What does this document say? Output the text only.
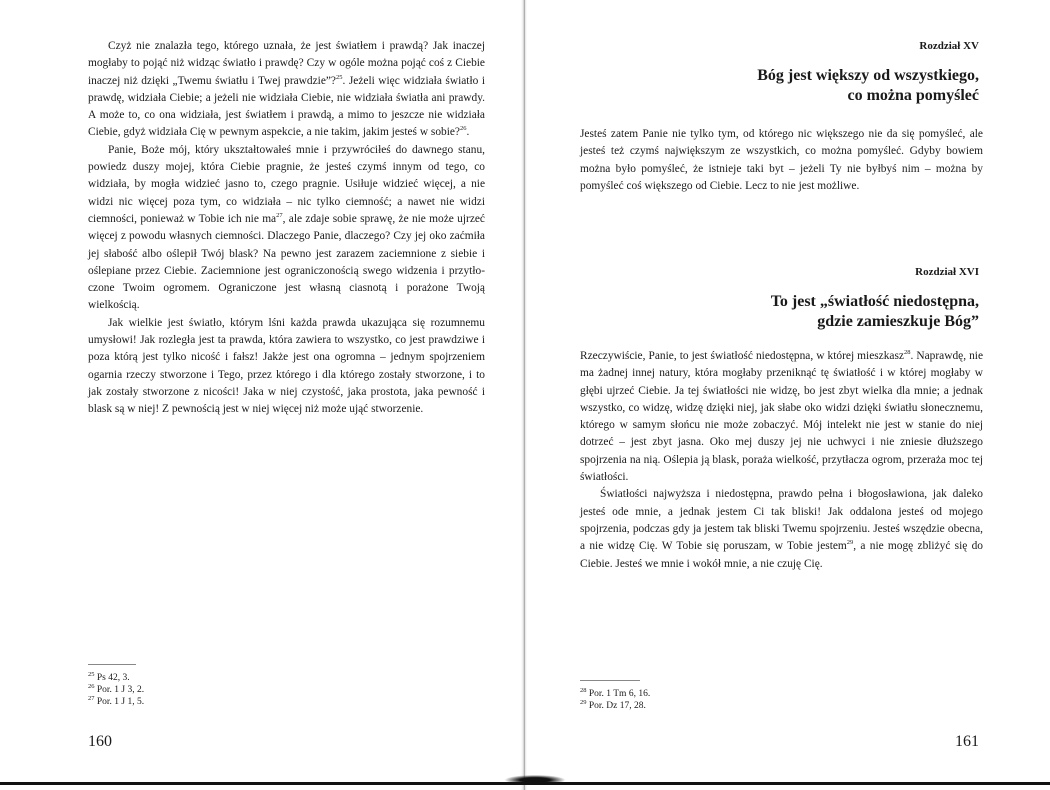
Czyż nie znalazła tego, którego uznała, że jest światłem i prawdą? Jak inaczej mogłaby to pojąć niż widząc światło i prawdę? Czy w ogóle można pojąć coś z Ciebie inaczej niż dzięki „Twemu światłu i Twej prawdzie”?$^{25}$. Jeżeli więc widziała światło i prawdę, widziała Ciebie; a jeżeli nie widziała Ciebie, nie widziała światła ani prawdy. A może to, co ona widziała, jest światłem i prawdą, a mimo to jeszcze nie widziała Ciebie, gdyż widziała Cię w pewnym aspekcie, a nie takim, jakim jesteś w sobie?$^{26}$.

Panie, Boże mój, który ukształtowałeś mnie i przywróciłeś do dawnego stanu, powiedz duszy mojej, która Ciebie pragnie, że jesteś czymś innym od tego, co widziała, by mogła widzieć jasno to, czego pragnie. Usiłuje widzieć więcej, a nie widzi nic więcej poza tym, co widziała – nic tylko ciemność; a nawet nie widzi ciemności, ponieważ w Tobie ich nie $ma^{27}$, ale zdaje sobie sprawę, że nie może ujrzeć więcej z powodu własnych ciemności. Dlaczego Panie, dlaczego? Czy jej oko zaćmiła jej słabość albo oślepił Twój blask? Na pewno jest zarazem zaciemnione z siebie i oślepiane przez Ciebie. Zaciemnione jest ograniczonością swego widzenia i przytłoczone Twoim ogromem. Ograniczone jest własną ciasnotą i porażone Twoją wielkością.

Jak wielkie jest światło, którym lśni każda prawda ukazująca się rozumnemu umysłowi! Jak rozległa jest ta prawda, która zawiera to wszystko, co jest prawdziwe i poza którą jest tylko nicość i fałsz! Jakże jest ona ogromna – jednym spojrzeniem ogarnia rzeczy stworzone i Tego, przez którego i dla którego zostały stworzone, i to jak zostały stworzone z nicości! Jaka w niej czystość, jaka prostota, jaka pewność i blask są w niej! Z pewnością jest w niej więcej niż może ująć stworzenie.

$^{25}$ Ps 42, 3.
$^{26}$ Por. 1 J 3, 2.
$^{27}$ Por. 1 J 1, 5.
160
Rozdział XV
Bóg jest większy od wszystkiego,
co można pomyśleć

Jesteś zatem Panie nie tylko tym, od którego nic większego nie da się pomyśleć, ale jesteś też czymś największym ze wszystkich, co można pomyśleć. Gdyby bowiem można było pomyśleć, że istnieje taki byt – jeżeli Ty nie byłbyś nim – można by pomyśleć coś większego od Ciebie. Lecz to nie jest możliwe.

Rozdział XVI
To jest „światłość niedostępna,
gdzie zamieszkuje Bóg”

Rzeczywiście, Panie, to jest światłość niedostępna, w której mieszkasz$^{28}$. Naprawdę, nie ma żadnej innej natury, która mogłaby przeniknąć tę światłość i w której mogłaby w głębi ujrzeć Ciebie. Ja tej światłości nie widzę, bo jest zbyt wielka dla mnie; a jednak wszystko, co widzę, widzę dzięki niej, jak słabe oko widzi dzięki światłu słonecznemu, którego w samym słońcu nie może zobaczyć. Mój intelekt nie jest w stanie do niej dotrzeć – jest zbyt jasna. Oko mej duszy jej nie uchwyci i nie zniesie dłuższego spojrzenia na nią. Oślepia ją blask, poraża wielkość, przytłacza ogrom, przeraża moc tej światłości.

Światłości najwyższa i niedostępna, prawdo pełna i błogosławiona, jak daleko jesteś ode mnie, a jednak jestem Ci tak bliski! Jak oddalona jesteś od mojego spojrzenia, podczas gdy ja jestem tak bliski Twemu spojrzeniu. Jesteś wszędzie obecna, a nie widzę Cię. W Tobie się poruszam, w Tobie jestem$^{29}$, a nie mogę zbliżyć się do Ciebie. Jesteś we mnie i wokół mnie, a nie czuję Cię.

$^{28}$ Por. 1 Tm 6, 16.
$^{29}$ Por. Dz 17, 28.
161
